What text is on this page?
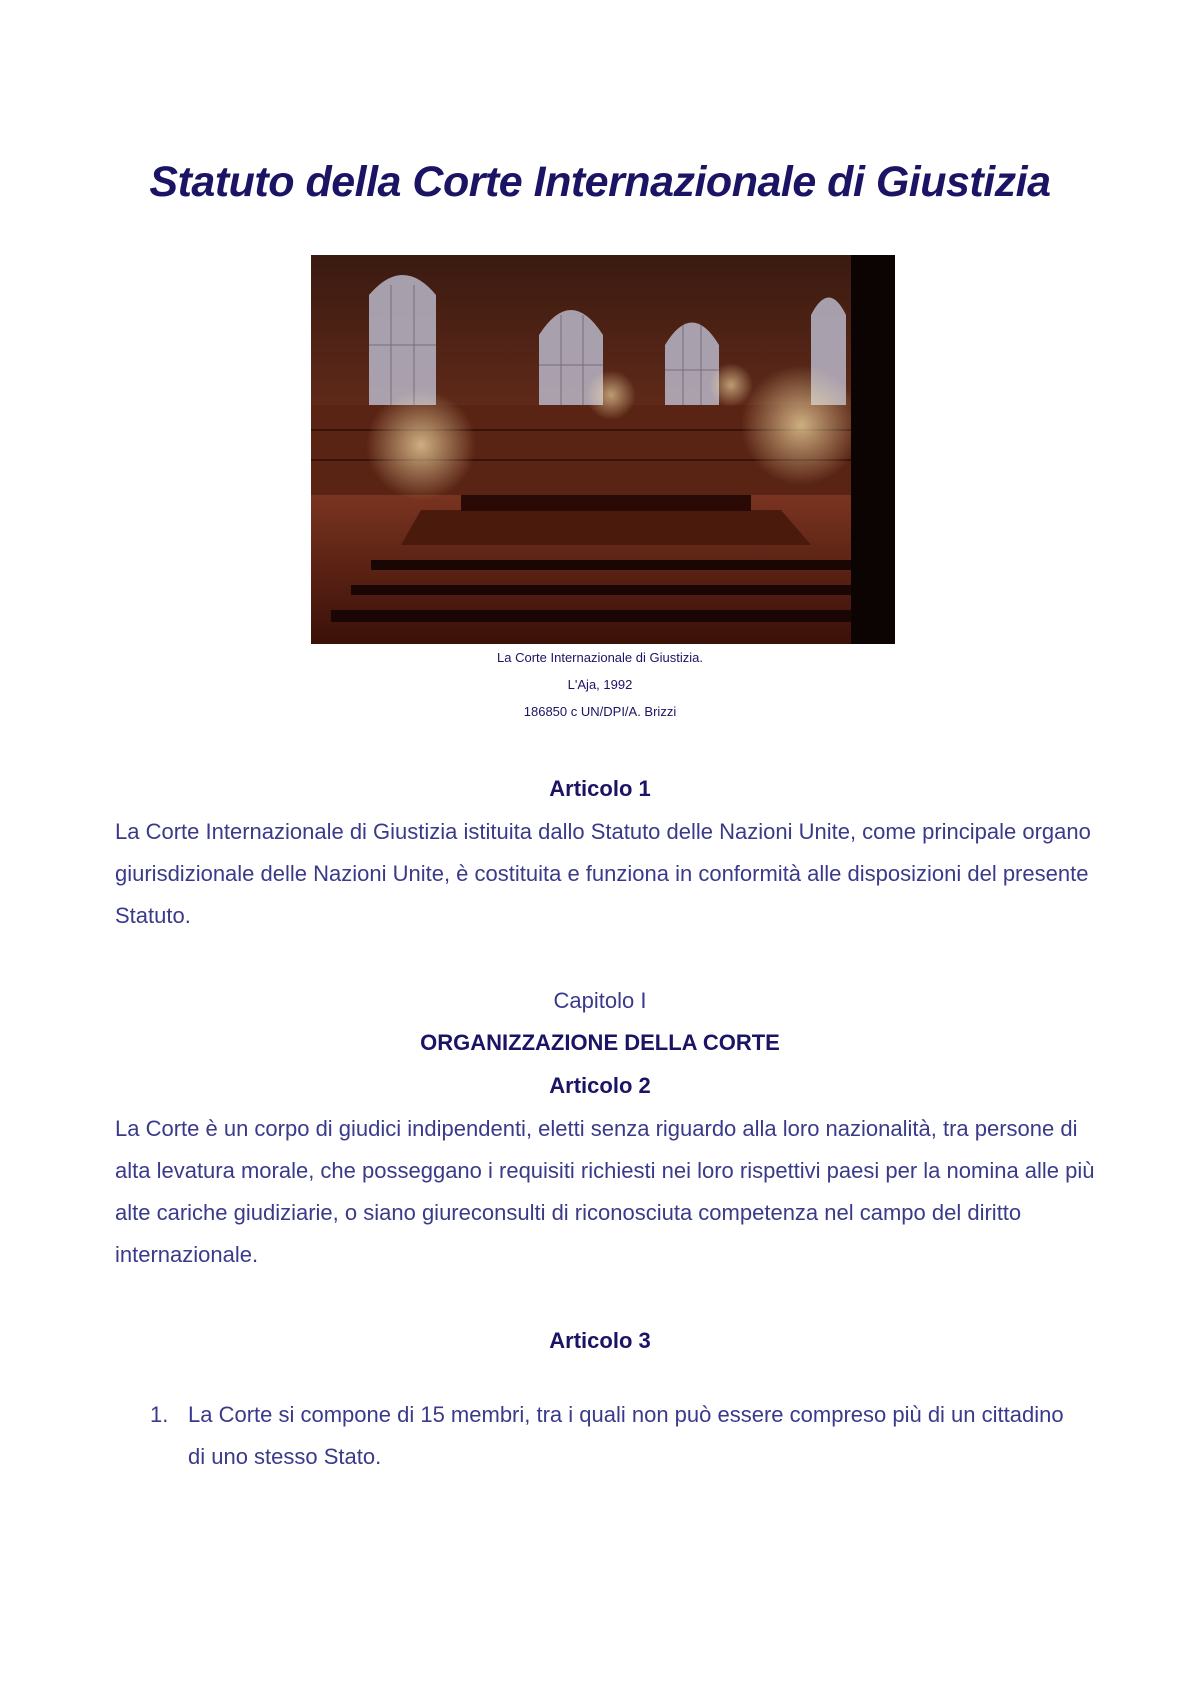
Statuto della Corte Internazionale di Giustizia
La Corte Internazionale di Giustizia.
L'Aja, 1992
186850 c UN/DPI/A. Brizzi
Articolo 1
La Corte Internazionale di Giustizia istituita dallo Statuto delle Nazioni Unite, come principale organo giurisdizionale delle Nazioni Unite, è costituita e funziona in conformità alle disposizioni del presente Statuto.
Capitolo I
ORGANIZZAZIONE DELLA CORTE
Articolo 2
La Corte è un corpo di giudici indipendenti, eletti senza riguardo alla loro nazionalità, tra persone di alta levatura morale, che posseggano i requisiti richiesti nei loro rispettivi paesi per la nomina alle più alte cariche giudiziarie, o siano giureconsulti di riconosciuta competenza nel campo del diritto internazionale.
Articolo 3
1. La Corte si compone di 15 membri, tra i quali non può essere compreso più di un cittadino di uno stesso Stato.
